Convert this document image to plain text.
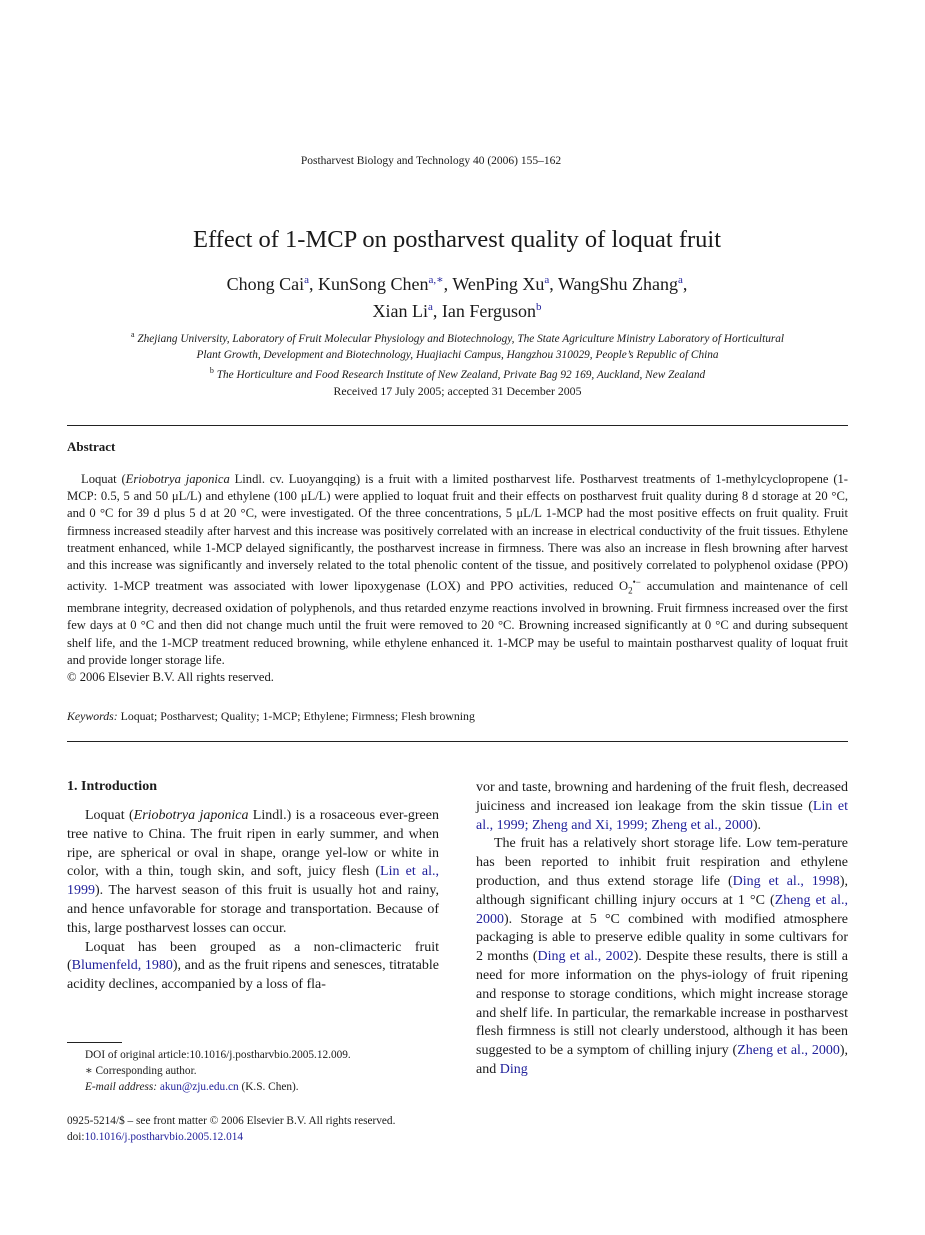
Postharvest Biology and Technology 40 (2006) 155–162
Effect of 1-MCP on postharvest quality of loquat fruit
Chong Cai$^a$, KunSong Chen$^{a,∗}$, WenPing Xu$^a$, WangShu Zhang$^a$,
Xian Li$^a$, Ian Ferguson$^b$
$^a$ Zhejiang University, Laboratory of Fruit Molecular Physiology and Biotechnology, The State Agriculture Ministry Laboratory of Horticultural
Plant Growth, Development and Biotechnology, Huajiachi Campus, Hangzhou 310029, People’s Republic of China
$^b$ The Horticulture and Food Research Institute of New Zealand, Private Bag 92 169, Auckland, New Zealand
Received 17 July 2005; accepted 31 December 2005
Abstract

Loquat (Eriobotrya japonica Lindl. cv. Luoyangqing) is a fruit with a limited postharvest life. Postharvest treatments of 1-methylcyclopropene (1-MCP: 0.5, 5 and 50 μL/L) and ethylene (100 μL/L) were applied to loquat fruit and their effects on postharvest fruit quality during 8 d storage at 20 °C, and 0 °C for 39 d plus 5 d at 20 °C, were investigated. Of the three concentrations, 5 μL/L 1-MCP had the most positive effects on fruit quality. Fruit firmness increased steadily after harvest and this increase was positively correlated with an increase in electrical conductivity of the fruit tissues. Ethylene treatment enhanced, while 1-MCP delayed significantly, the postharvest increase in firmness. There was also an increase in flesh browning after harvest and this increase was significantly and inversely related to the total phenolic content of the tissue, and positively correlated to polyphenol oxidase (PPO) activity. 1-MCP treatment was associated with lower lipoxygenase (LOX) and PPO activities, reduced $O_2^{•-}$ accumulation and maintenance of cell membrane integrity, decreased oxidation of polyphenols, and thus retarded enzyme reactions involved in browning. Fruit firmness increased over the first few days at 0 °C and then did not change much until the fruit were removed to 20 °C. Browning increased significantly at 0 °C and during subsequent shelf life, and the 1-MCP treatment reduced browning, while ethylene enhanced it. 1-MCP may be useful to maintain postharvest quality of loquat fruit and provide longer storage life.

© 2006 Elsevier B.V. All rights reserved.

Keywords: Loquat; Postharvest; Quality; 1-MCP; Ethylene; Firmness; Flesh browning
1. Introduction

Loquat (Eriobotrya japonica Lindl.) is a rosaceous ever-green tree native to China. The fruit ripen in early summer, and when ripe, are spherical or oval in shape, orange yel-low or white in color, with a thin, tough skin, and soft, juicy flesh (Lin et al., 1999). The harvest season of this fruit is usually hot and rainy, and hence unfavorable for storage and transportation. Because of this, large postharvest losses can occur.

Loquat has been grouped as a non-climacteric fruit (Blumenfeld, 1980), and as the fruit ripens and senesces, titratable acidity declines, accompanied by a loss of fla-

vor and taste, browning and hardening of the fruit flesh, decreased juiciness and increased ion leakage from the skin tissue (Lin et al., 1999; Zheng and Xi, 1999; Zheng et al., 2000).

The fruit has a relatively short storage life. Low tem-perature has been reported to inhibit fruit respiration and ethylene production, and thus extend storage life (Ding et al., 1998), although significant chilling injury occurs at 1 °C (Zheng et al., 2000). Storage at 5 °C combined with modified atmosphere packaging is able to preserve edible quality in some cultivars for 2 months (Ding et al., 2002). Despite these results, there is still a need for more information on the phys-iology of fruit ripening and response to storage conditions, which might increase storage and shelf life. In particular, the remarkable increase in postharvest flesh firmness is still not clearly understood, although it has been suggested to be a symptom of chilling injury (Zheng et al., 2000), and Ding

DOI of original article:10.1016/j.postharvbio.2005.12.009.
∗ Corresponding author.
E-mail address: akun@zju.edu.cn (K.S. Chen).
0925-5214/$ – see front matter © 2006 Elsevier B.V. All rights reserved.
doi:10.1016/j.postharvbio.2005.12.014
